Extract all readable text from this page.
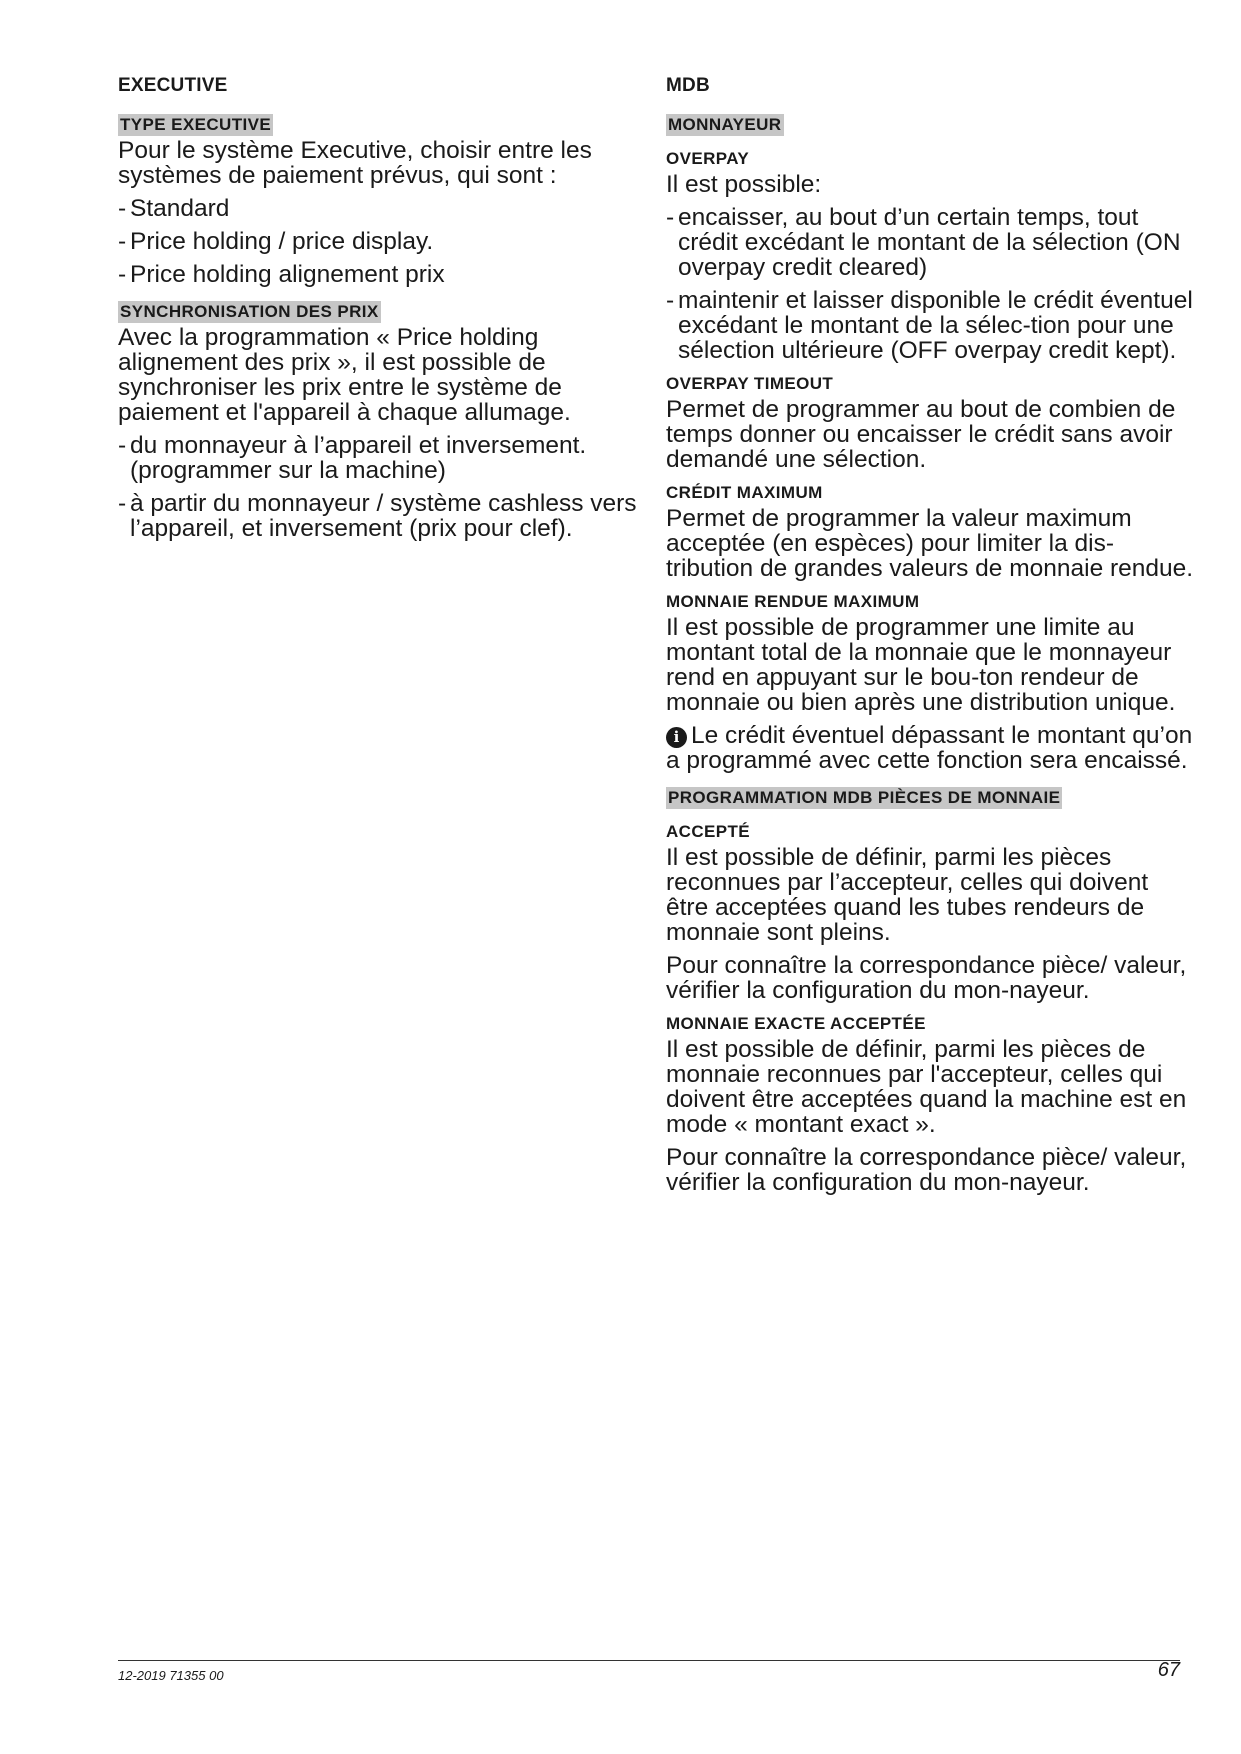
EXECUTIVE
TYPE EXECUTIVE

Pour le système Executive, choisir entre les systèmes de paiement prévus, qui sont :

- Standard
- Price holding / price display.
- Price holding alignement prix
SYNCHRONISATION DES PRIX

Avec la programmation « Price holding alignement des prix », il est possible de synchroniser les prix entre le système de paiement et l'appareil à chaque allumage.

- du monnayeur à l’appareil et inversement. (programmer sur la machine)
- à partir du monnayeur / système cashless vers l’appareil, et inversement (prix pour clef).
MDB
MONNAYEUR
OVERPAY

Il est possible:

- encaisser, au bout d’un certain temps, tout crédit excédant le montant de la sélection (ON overpay credit cleared)
- maintenir et laisser disponible le crédit éventuel excédant le montant de la sélec-tion pour une sélection ultérieure (OFF overpay credit kept).
OVERPAY TIMEOUT

Permet de programmer au bout de combien de temps donner ou encaisser le crédit sans avoir demandé une sélection.

CRÉDIT MAXIMUM

Permet de programmer la valeur maximum acceptée (en espèces) pour limiter la dis-tribution de grandes valeurs de monnaie rendue.

MONNAIE RENDUE MAXIMUM

Il est possible de programmer une limite au montant total de la monnaie que le monnayeur rend en appuyant sur le bou-ton rendeur de monnaie ou bien après une distribution unique.

i Le crédit éventuel dépassant le montant qu’on a programmé avec cette fonction sera encaissé.

PROGRAMMATION MDB PIÈCES DE MONNAIE
ACCEPTÉ

Il est possible de définir, parmi les pièces reconnues par l’accepteur, celles qui doivent être acceptées quand les tubes rendeurs de monnaie sont pleins.

Pour connaître la correspondance pièce/ valeur, vérifier la configuration du mon-nayeur.

MONNAIE EXACTE ACCEPTÉE

Il est possible de définir, parmi les pièces de monnaie reconnues par l'accepteur, celles qui doivent être acceptées quand la machine est en mode « montant exact ».

Pour connaître la correspondance pièce/ valeur, vérifier la configuration du mon-nayeur.

12-2019 71355 00	67
